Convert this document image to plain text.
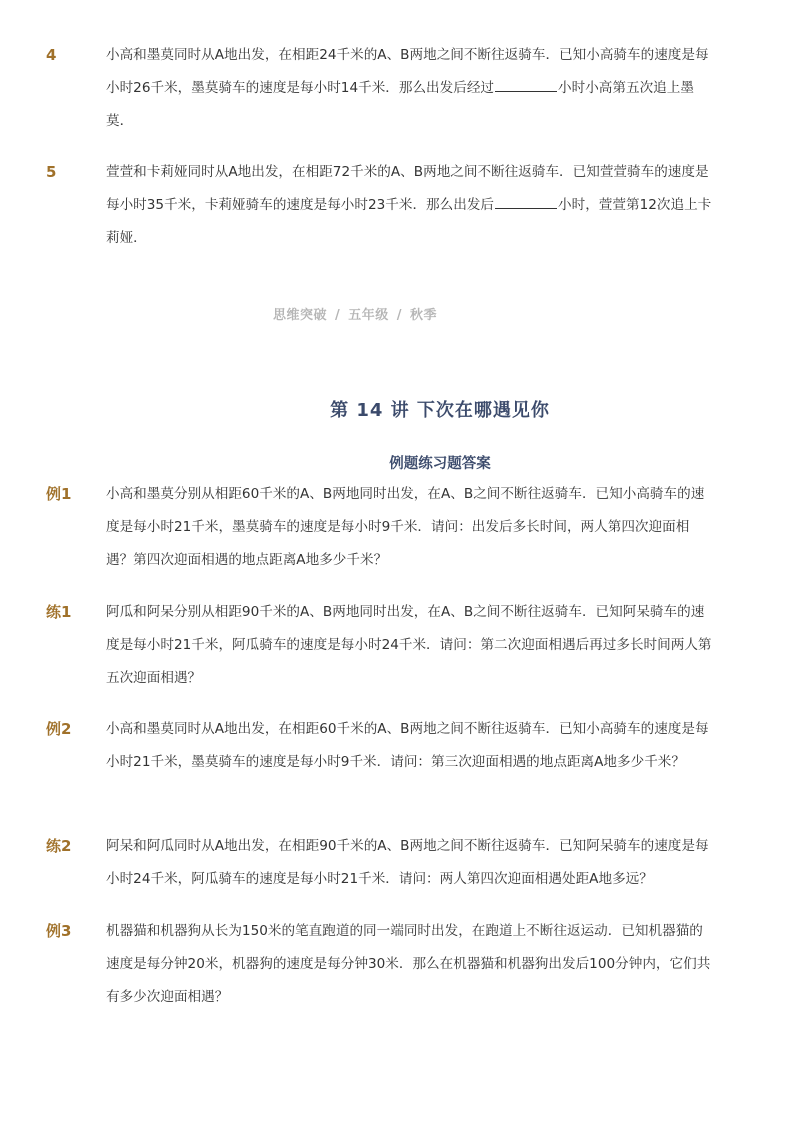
4	小高和墨莫同时从A地出发，在相距24千米的A、B两地之间不断往返骑车．已知小高骑车的速度是每小时26千米，墨莫骑车的速度是每小时14千米．那么出发后经过	小时小高第五次追上墨莫．
5	萱萱和卡莉娅同时从A地出发，在相距72千米的A、B两地之间不断往返骑车．已知萱萱骑车的速度是每小时35千米，卡莉娅骑车的速度是每小时23千米．那么出发后	小时，萱萱第12次追上卡莉娅．
思维突破 / 五年级 / 秋季
第 14 讲 下次在哪遇见你
例题练习题答案
例1	小高和墨莫分别从相距60千米的A、B两地同时出发，在A、B之间不断往返骑车．已知小高骑车的速度是每小时21千米，墨莫骑车的速度是每小时9千米．请问：出发后多长时间，两人第四次迎面相遇？第四次迎面相遇的地点距离A地多少千米？
练1	阿瓜和阿呆分别从相距90千米的A、B两地同时出发，在A、B之间不断往返骑车．已知阿呆骑车的速度是每小时21千米，阿瓜骑车的速度是每小时24千米．请问：第二次迎面相遇后再过多长时间两人第五次迎面相遇？
例2	小高和墨莫同时从A地出发，在相距60千米的A、B两地之间不断往返骑车．已知小高骑车的速度是每小时21千米，墨莫骑车的速度是每小时9千米．请问：第三次迎面相遇的地点距离A地多少千米？
练2	阿呆和阿瓜同时从A地出发，在相距90千米的A、B两地之间不断往返骑车．已知阿呆骑车的速度是每小时24千米，阿瓜骑车的速度是每小时21千米．请问：两人第四次迎面相遇处距A地多远？
例3	机器猫和机器狗从长为150米的笔直跑道的同一端同时出发，在跑道上不断往返运动．已知机器猫的速度是每分钟20米，机器狗的速度是每分钟30米．那么在机器猫和机器狗出发后100分钟内，它们共有多少次迎面相遇？
